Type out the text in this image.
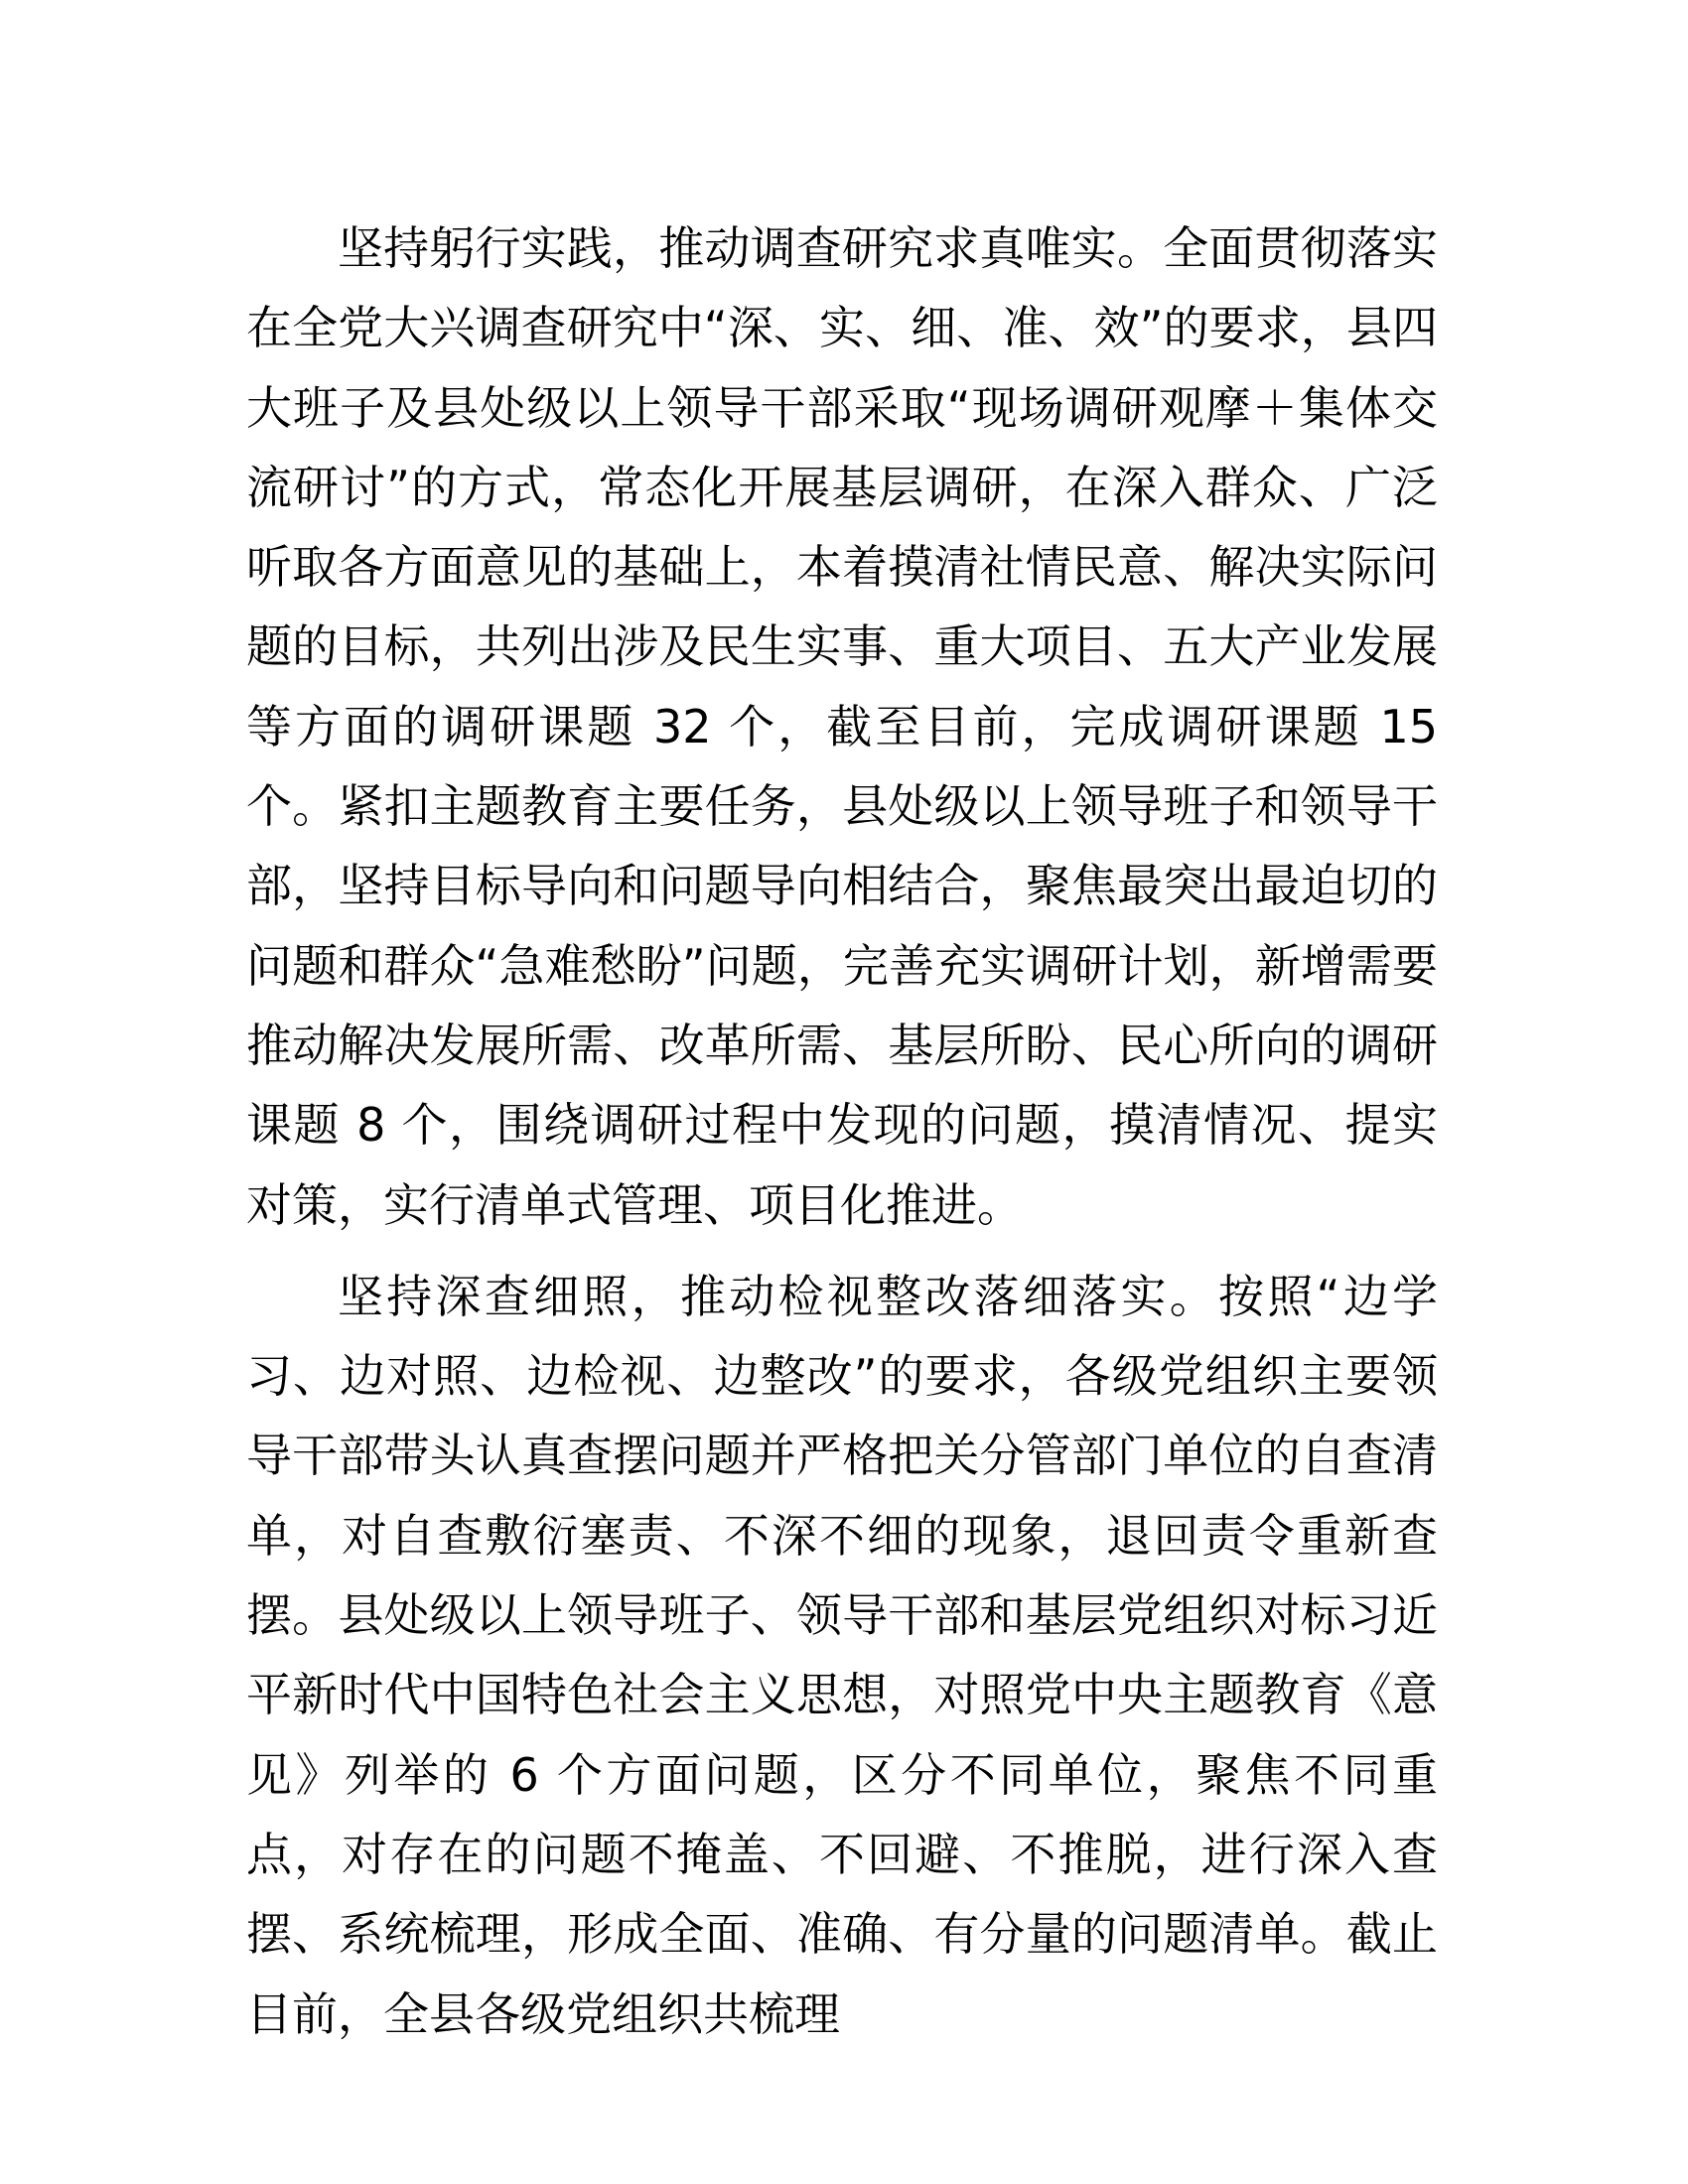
坚持躬行实践，推动调查研究求真唯实。全面贯彻落实在全党大兴调查研究中“深、实、细、准、效”的要求，县四大班子及县处级以上领导干部采取“现场调研观摩＋集体交流研讨”的方式，常态化开展基层调研，在深入群众、广泛听取各方面意见的基础上，本着摸清社情民意、解决实际问题的目标，共列出涉及民生实事、重大项目、五大产业发展等方面的调研课题 32 个，截至目前，完成调研课题 15 个。紧扣主题教育主要任务，县处级以上领导班子和领导干部，坚持目标导向和问题导向相结合，聚焦最突出最迫切的问题和群众“急难愁盼”问题，完善充实调研计划，新增需要推动解决发展所需、改革所需、基层所盼、民心所向的调研课题 8 个，围绕调研过程中发现的问题，摸清情况、提实对策，实行清单式管理、项目化推进。

坚持深查细照，推动检视整改落细落实。按照“边学习、边对照、边检视、边整改”的要求，各级党组织主要领导干部带头认真查摆问题并严格把关分管部门单位的自查清单，对自查敷衍塞责、不深不细的现象，退回责令重新查摆。县处级以上领导班子、领导干部和基层党组织对标习近平新时代中国特色社会主义思想，对照党中央主题教育《意见》列举的 6 个方面问题，区分不同单位，聚焦不同重点，对存在的问题不掩盖、不回避、不推脱，进行深入查摆、系统梳理，形成全面、准确、有分量的问题清单。截止目前，全县各级党组织共梳理
